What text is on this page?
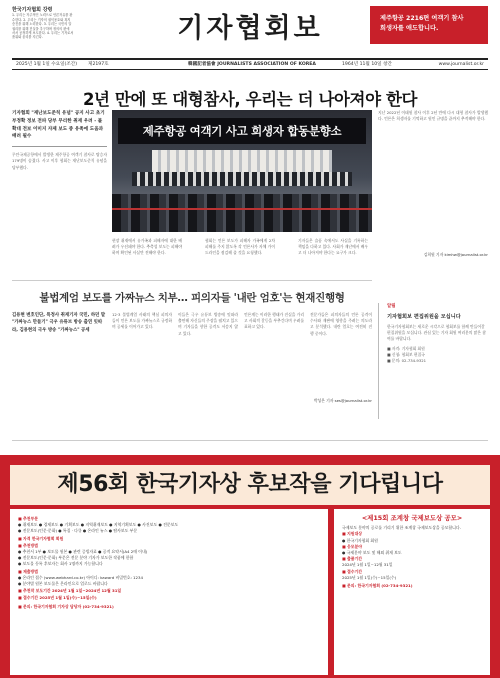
한국기자협회 강령
1. 우리는 자주적인 노력으로 언론자유를 완
수한다. 2. 우리는 기자의 권익옹호와 복지
증진을 위해 노력한다. 3. 우리는 국민의 알
권리를 위해 진실을 추구하며 정의의 편에
서서 공정하게 보도한다. 4. 우리는 기자로서
품위와 윤리를 지킨다.	기자협회보	제주항공 2216편 여객기 참사
희생자를 애도합니다.
2025년 1월 1일 수요일(조간) 제2197호	韓國記者協會 JOURNALISTS ASSOCIATION OF KOREA	1964년 11월 10일 창간	www.journalist.or.kr
2년 만에 또 대형참사, 우리는 더 나아져야 한다
기자협회 "재난보도준칙 유념" 공지 사고 초기 부정확 정보 전파 당부 무리한 취재 우려 - 불 확대 전보 이미지 자제 보도 중 유족에 도움과 배려 필수
무안국제공항에서 발생한 제주항공 여객기 참사로 탑승자 179명이 숨졌다. 사고 이후 협회는 재난보도준칙 유념을 당부했다.
제주항공 여객기 사고 희생자 합동분향소
지난 2022년 이태원 참사 이후 2년 만에 다시 대형 참사가 발생했다. 언론은 희생자를 기억하고 원인 규명을 끝까지 추적해야 한다.
김희원 기자 kimhw@journalist.or.kr
현장 취재에서 유가족과 피해자에 대한 배려가 우선돼야 한다. 추측성 보도는 피해야 하며 확인된 사실만 전해야 한다.
협회는 언론 보도가 피해자 가족에게 2차 피해를 주지 않도록 각 언론사가 자체 가이드라인을 점검해 줄 것을 요청했다.
기자들은 슬픔 속에서도 사실을 기록하는 책임을 다하고 있다. 사회가 재난에서 배우고 더 나아져야 한다는 요구가 크다.
불법계엄 보도를 가짜뉴스 치부… 피의자들 '내란 엄호'는 현재진행형
김용현 변호인단, 특정사 취재기자 국민, 하던 말 "가짜뉴스 만들기" 극우 유튜브 방송 출연 잇따라, 김용현의 극우 방송 "가짜뉴스" 공세
12·3 불법계엄 사태의 핵심 피의자들이 언론 보도를 가짜뉴스로 규정하며 공세를 이어가고 있다.
이들은 극우 유튜브 방송에 잇따라 출연해 자신들의 주장을 펼치고 있으며 기자들을 향한 공격도 서슴지 않고 있다.
언론계는 이러한 행태가 진실을 가리고 사회적 갈등을 부추긴다며 우려를 표하고 있다.
전문가들은 피의자들의 언론 공격이 수사와 재판에 영향을 주려는 의도라고 분석했다. 내란 엄호는 여전히 진행 중이다.
박성은 기자 ses@journalist.or.kr
알림
기자협회보 편집위원을 모십니다
한국기자협회보는 새로운 시각으로 협회보를 함께 만들어갈 편집위원을 모십니다. 관심 있는 기자 회원 여러분의 많은 참여를 바랍니다.
■ 자격: 기자협회 회원
■ 신청: 협회보 편집국
■ 문의: 02-734-9321
제56회 한국기자상 후보작을 기다립니다
■ 추천부문
● 취재보도 ● 경제보도 ● 기획보도 ● 지역취재보도 ● 지역기획보도 ● 사진보도 ● 전문보도
● 전문보도(인문·문화) ● 특집 · 다큐 ● 온라인 뉴스 ● 탐사보도 부문
■ 자격 한국기자협회 회원
■ 추천방법
● 추천서 1부 ● 보도물 원본 ● 관련 증빙자료 ● 공적 요약서(A4 2매 이내)
● 전문보도(인문·문화) 부문은 전문 분야 기자가 보도한 작품에 한함
● 보도물 등록 후보자는 회사 1명까지 가능합니다
■ 제출방법
● 온라인 접수 (www.webhard.co.kr) 아이디: kaward 비밀번호: 1234
● 분야별 원본 보도물은 온라인으로 업로드 바랍니다
■ 추천작 보도기간 2024년 1월 1일~2024년 12월 31일
■ 접수기간 2025년 1월 1일(수)~15일(수)
■ 문의: 한국기자협회 기자상 담당자 (02-734-9321)
<제15회 조계창 국제보도상 공모>
국제보도 분야의 공로를 기리기 위한 조계창 국제보도상을 공모합니다.
■ 지원대상
● 한국기자협회 회원
■ 응모분야
● 국제분야 보도 및 해외 취재 보도
■ 출품기간
2024년 1월 1일~12월 31일
■ 접수기간
2025년 1월 1일(수)~15일(수)
■ 문의: 한국기자협회 (02-734-9321)
